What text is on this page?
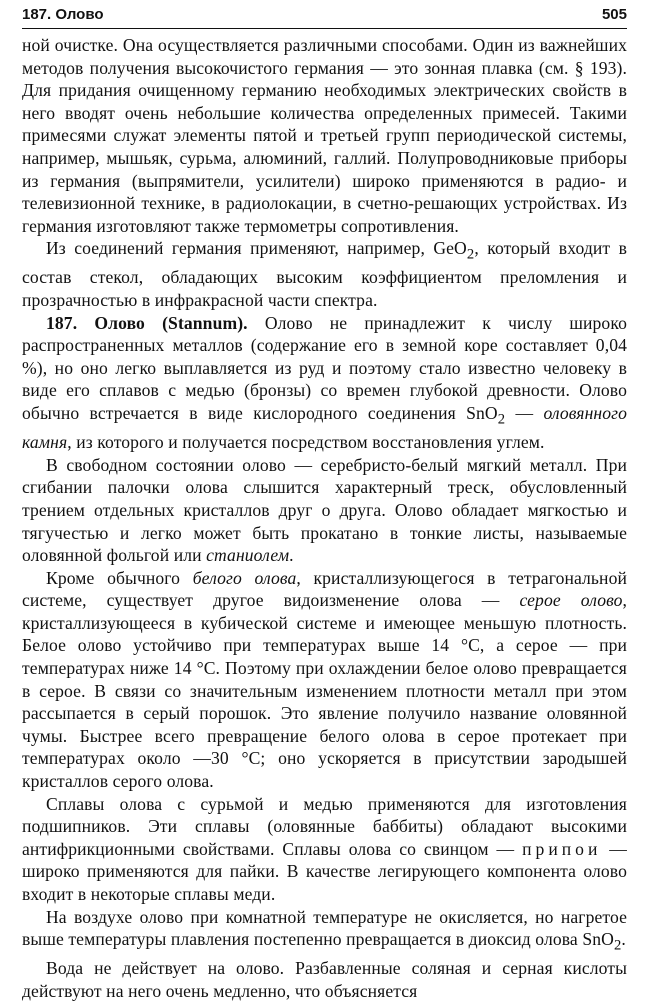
187. Олово	505

ной очистке. Она осуществляется различными способами. Один из важнейших методов получения высокочистого германия — это зонная плавка (см. § 193). Для придания очищенному германию необходимых электрических свойств в него вводят очень небольшие количества определенных примесей. Такими примесями служат элементы пятой и третьей групп периодической системы, например, мышьяк, сурьма, алюминий, галлий. Полупроводниковые приборы из германия (выпрямители, усилители) широко применяются в радио- и телевизионной технике, в радиолокации, в счетно-решающих устройствах. Из германия изготовляют также термометры сопротивления.

Из соединений германия применяют, например, GeO$_2$, который входит в состав стекол, обладающих высоким коэффициентом преломления и прозрачностью в инфракрасной части спектра.

187. Олово (Stannum). Олово не принадлежит к числу широко распространенных металлов (содержание его в земной коре составляет 0,04 %), но оно легко выплавляется из руд и поэтому стало известно человеку в виде его сплавов с медью (бронзы) со времен глубокой древности. Олово обычно встречается в виде кислородного соединения SnO$_2$ — оловянного камня, из которого и получается посредством восстановления углем.

В свободном состоянии олово — серебристо-белый мягкий металл. При сгибании палочки олова слышится характерный треск, обусловленный трением отдельных кристаллов друг о друга. Олово обладает мягкостью и тягучестью и легко может быть прокатано в тонкие листы, называемые оловянной фольгой или станиолем.

Кроме обычного белого олова, кристаллизующегося в тетрагональной системе, существует другое видоизменение олова — серое олово, кристаллизующееся в кубической системе и имеющее меньшую плотность. Белое олово устойчиво при температурах выше 14 °С, а серое — при температурах ниже 14 °С. Поэтому при охлаждении белое олово превращается в серое. В связи со значительным изменением плотности металл при этом рассыпается в серый порошок. Это явление получило название оловянной чумы. Быстрее всего превращение белого олова в серое протекает при температурах около —30 °С; оно ускоряется в присутствии зародышей кристаллов серого олова.

Сплавы олова с сурьмой и медью применяются для изготовления подшипников. Эти сплавы (оловянные баббиты) обладают высокими антифрикционными свойствами. Сплавы олова со свинцом — припои — широко применяются для пайки. В качестве легирующего компонента олово входит в некоторые сплавы меди.

На воздухе олово при комнатной температуре не окисляется, но нагретое выше температуры плавления постепенно превращается в диоксид олова SnO$_2$.

Вода не действует на олово. Разбавленные соляная и серная кислоты действуют на него очень медленно, что объясняется
